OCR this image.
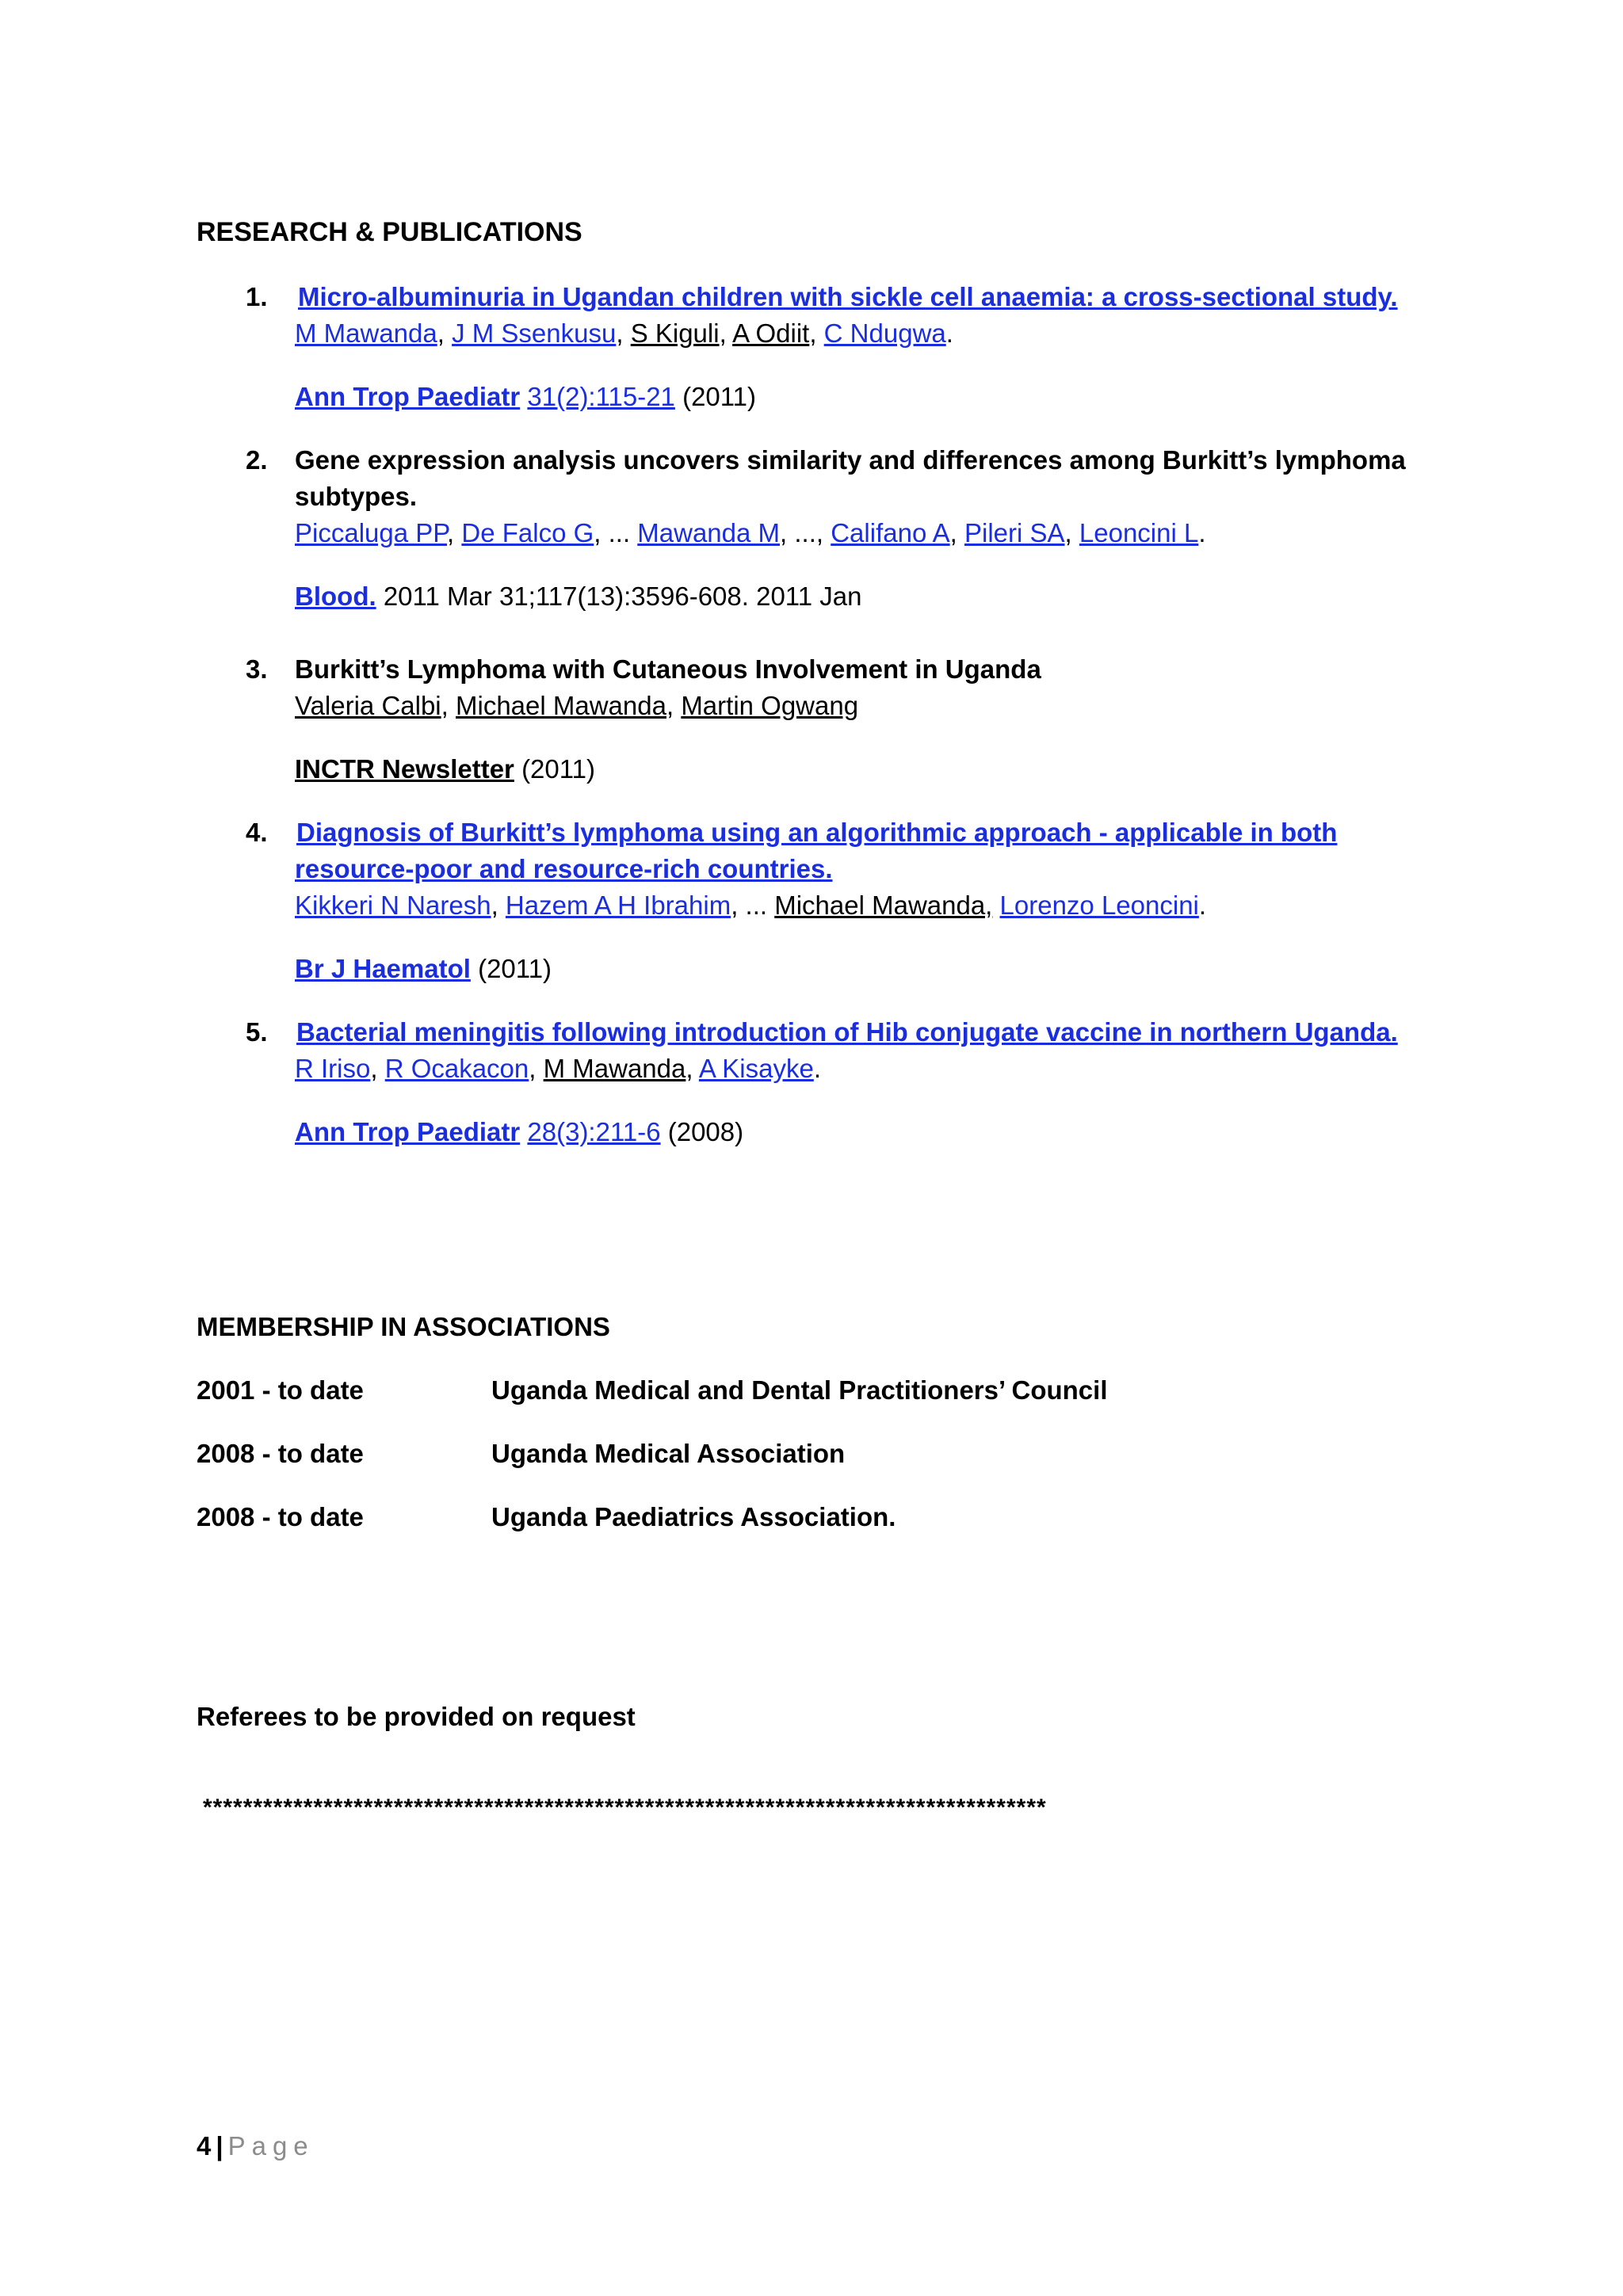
RESEARCH & PUBLICATIONS
1.	Micro-albuminuria in Ugandan children with sickle cell anaemia: a cross-sectional study.
M Mawanda, J M Ssenkusu, S Kiguli, A Odiit, C Ndugwa.
Ann Trop Paediatr 31(2):115-21 (2011)
2.	Gene expression analysis uncovers similarity and differences among Burkitt’s lymphoma
subtypes.
Piccaluga PP, De Falco G, ... Mawanda M, ..., Califano A, Pileri SA, Leoncini L.
Blood. 2011 Mar 31;117(13):3596-608. 2011 Jan
3.	Burkitt’s Lymphoma with Cutaneous Involvement in Uganda
Valeria Calbi, Michael Mawanda, Martin Ogwang
INCTR Newsletter (2011)
4.	Diagnosis of Burkitt’s lymphoma using an algorithmic approach - applicable in both
resource-poor and resource-rich countries.
Kikkeri N Naresh, Hazem A H Ibrahim, ... Michael Mawanda, Lorenzo Leoncini.
Br J Haematol (2011)
5.	Bacterial meningitis following introduction of Hib conjugate vaccine in northern Uganda.
R Iriso, R Ocakacon, M Mawanda, A Kisayke.
Ann Trop Paediatr 28(3):211-6 (2008)
MEMBERSHIP IN ASSOCIATIONS
2001 - to date	Uganda Medical and Dental Practitioners’ Council
2008 - to date	Uganda Medical Association
2008 - to date	Uganda Paediatrics Association.
Referees to be provided on request
************************************************************************************
4 | Page
